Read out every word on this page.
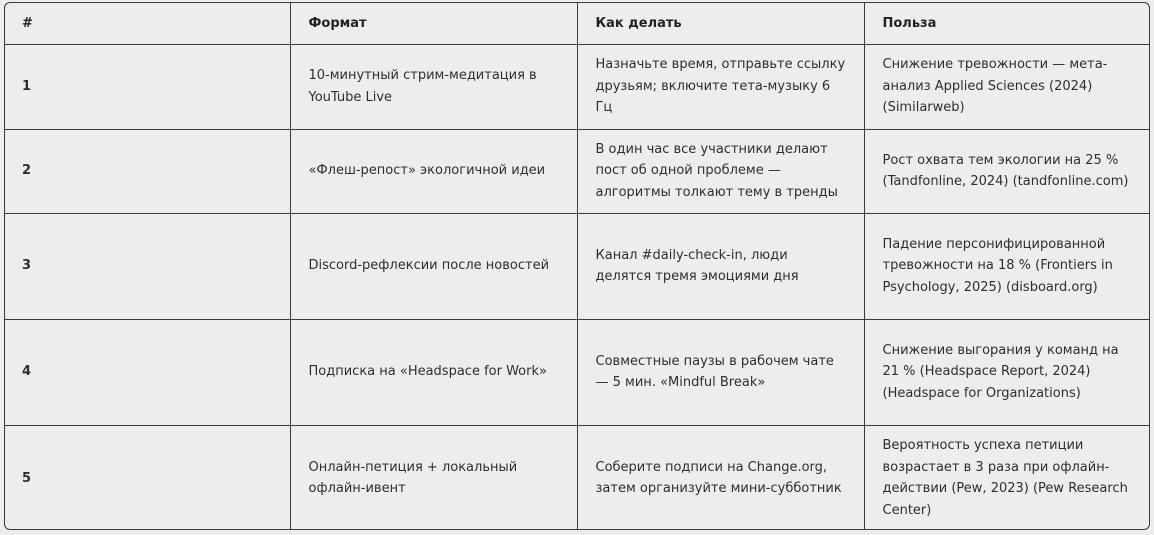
#	Формат	Как делать	Польза
1	10-минутный стрим-медитация в YouTube Live	Назначьте время, отправьте ссылку друзьям; включите тета-музыку 6 Гц	Снижение тревожности — мета-анализ Applied Sciences (2024) (Similarweb)

2	«Флеш-репост» экологичной идеи	В один час все участники делают пост об одной проблеме — алгоритмы толкают тему в тренды	Рост охвата тем экологии на 25 % (Tandfonline, 2024) (tandfonline.com)

3	Discord-рефлексии после новостей	Канал #daily-check-in, люди делятся тремя эмоциями дня	Падение персонифицированной тревожности на 18 % (Frontiers in Psychology, 2025) (disboard.org)

4	Подписка на «Headspace for Work»	Совместные паузы в рабочем чате — 5 мин. «Mindful Break»	Снижение выгорания у команд на 21 % (Headspace Report, 2024) (Headspace for Organizations)

5	Онлайн-петиция + локальный офлайн-ивент	Соберите подписи на Change.org, затем организуйте мини-субботник	Вероятность успеха петиции возрастает в 3 раза при офлайн-действии (Pew, 2023) (Pew Research Center)
